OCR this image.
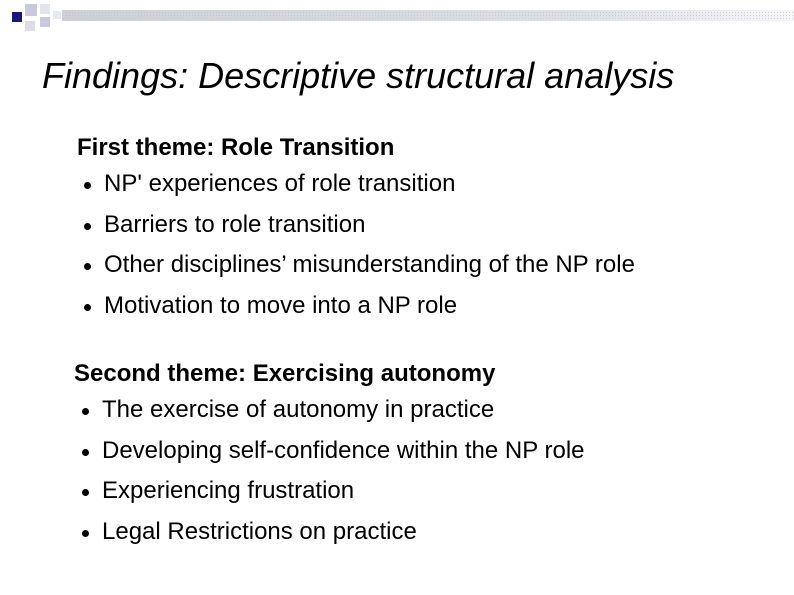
Findings: Descriptive structural analysis
First theme: Role Transition
NP' experiences of role transition
Barriers to role transition
Other disciplines’ misunderstanding of the NP role
Motivation to move into a NP role
Second theme: Exercising autonomy
The exercise of autonomy in practice
Developing self-confidence within the NP role
Experiencing frustration
Legal Restrictions on practice
